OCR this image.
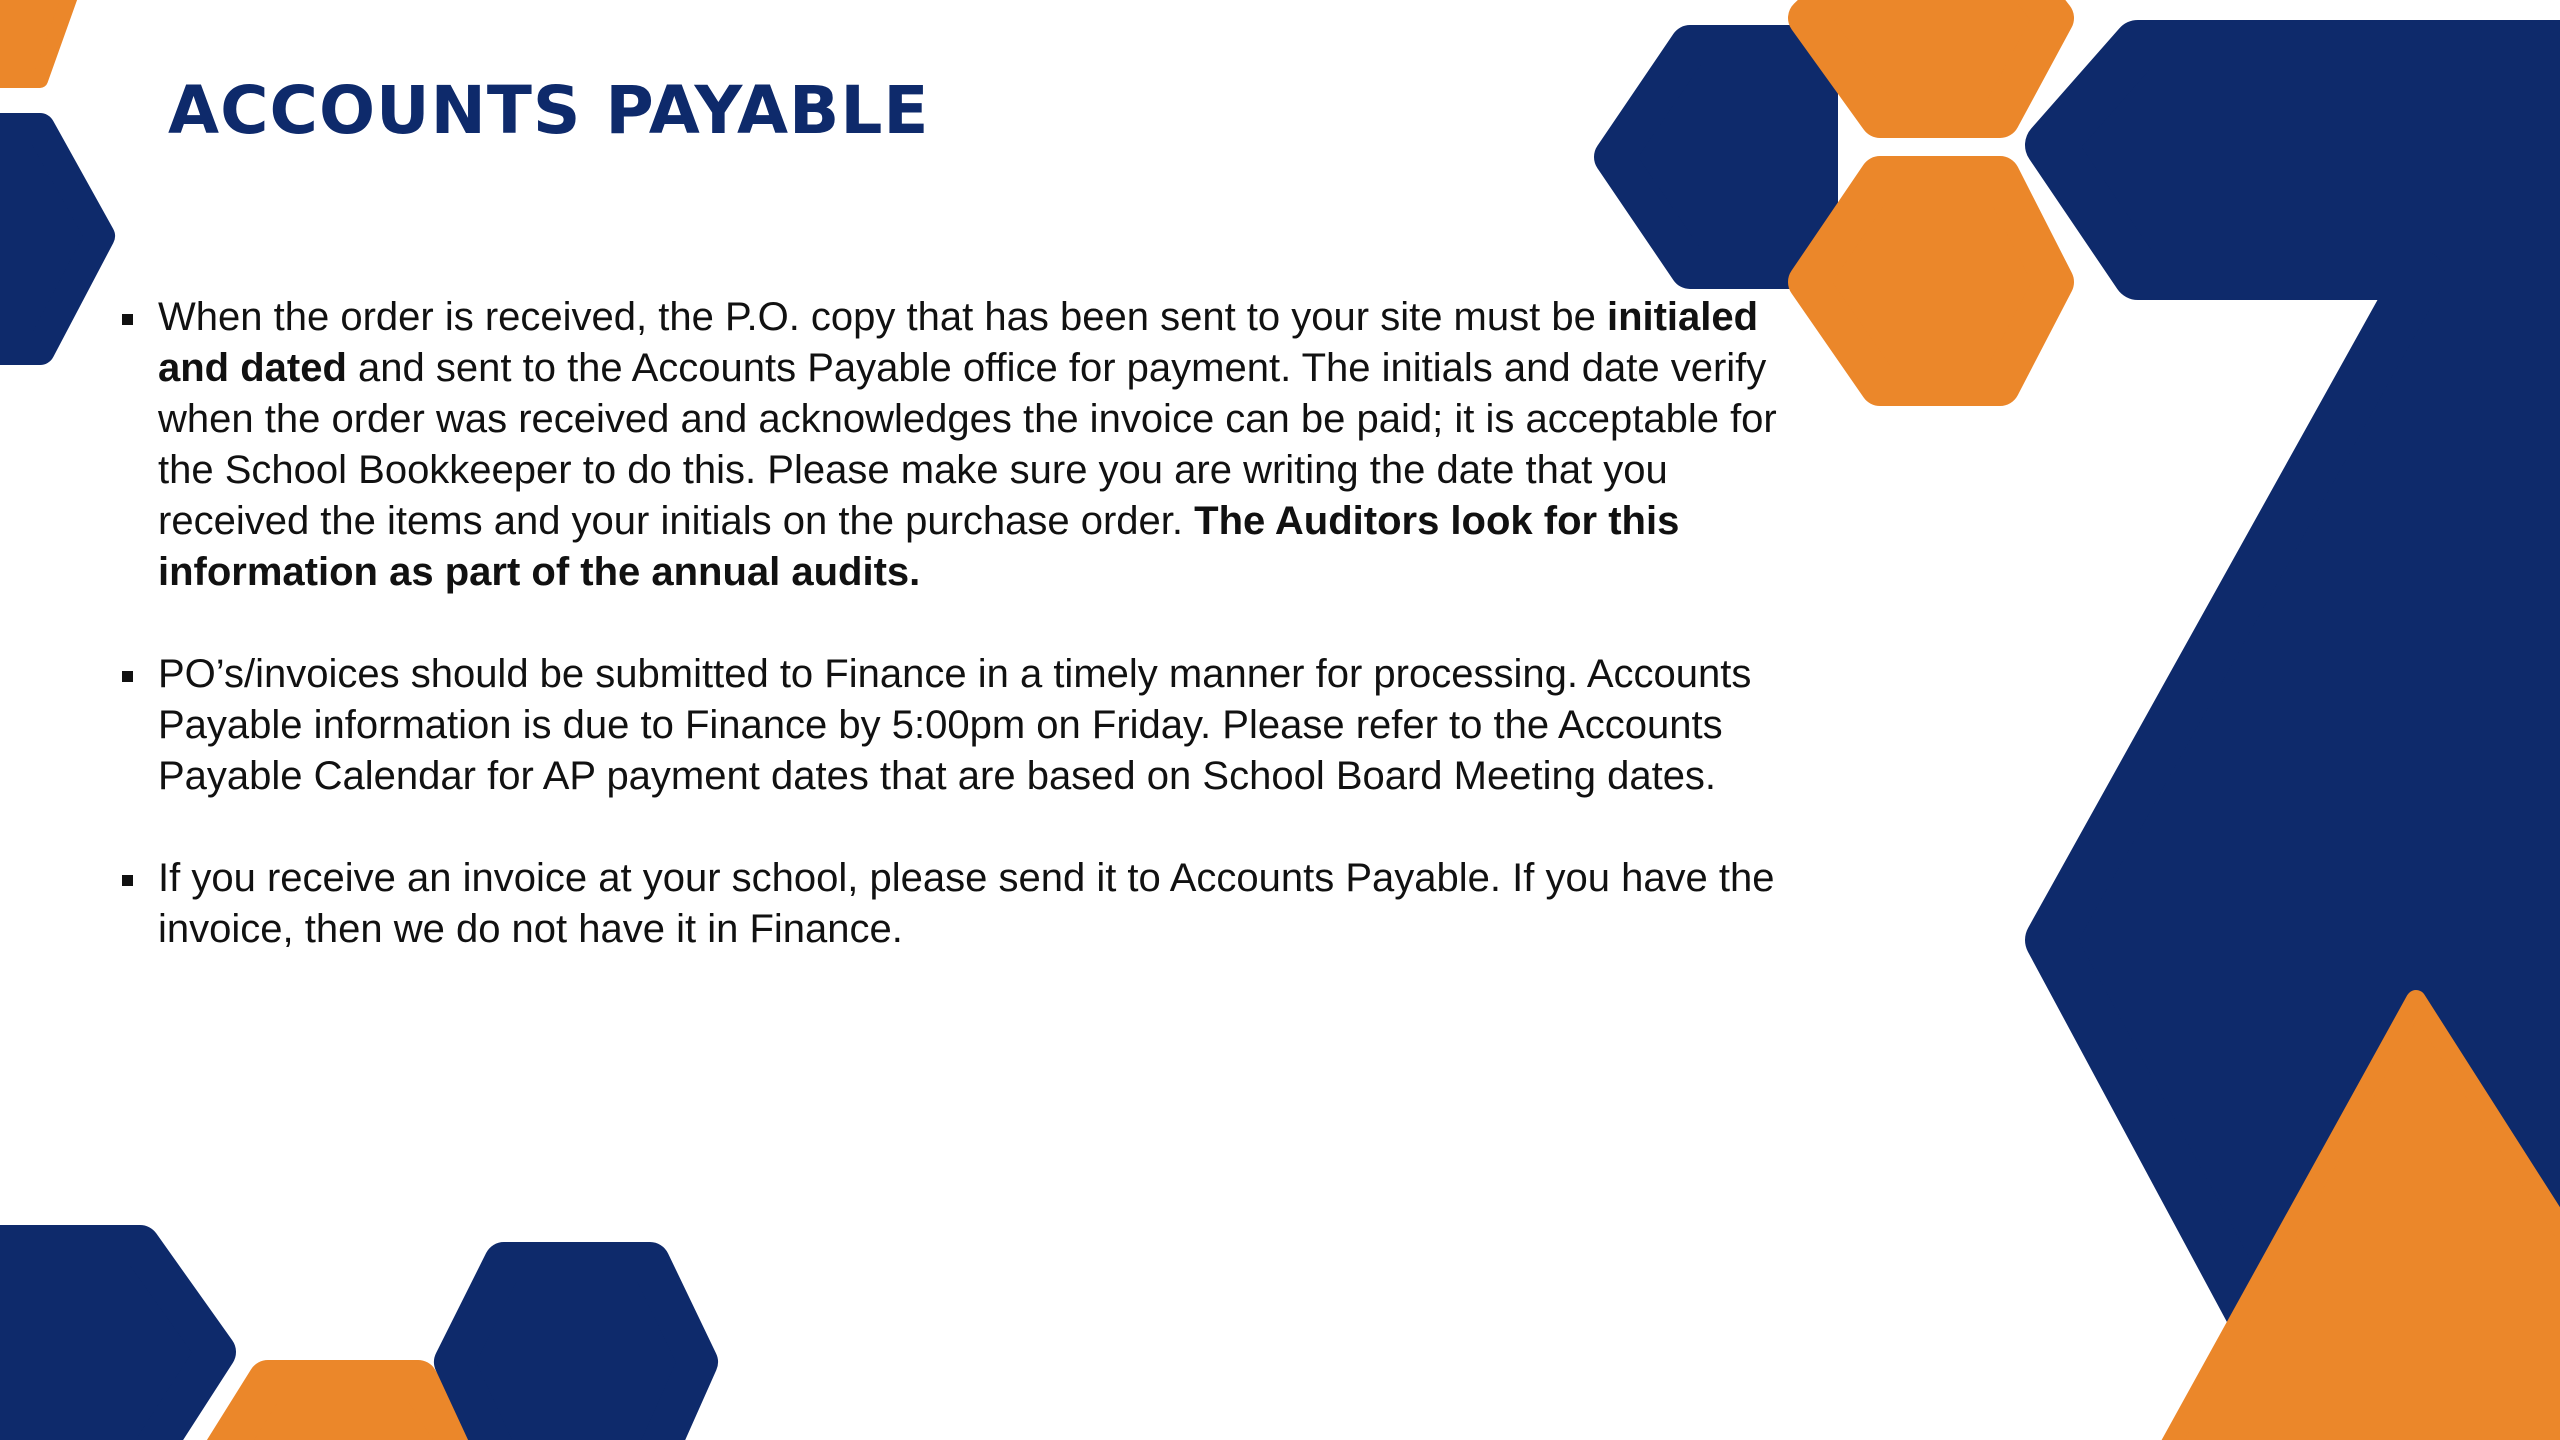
ACCOUNTS PAYABLE
When the order is received, the P.O. copy that has been sent to your site must be initialed and dated and sent to the Accounts Payable office for payment. The initials and date verify when the order was received and acknowledges the invoice can be paid; it is acceptable for the School Bookkeeper to do this. Please make sure you are writing the date that you received the items and your initials on the purchase order. The Auditors look for this information as part of the annual audits.
PO’s/invoices should be submitted to Finance in a timely manner for processing. Accounts Payable information is due to Finance by 5:00pm on Friday. Please refer to the Accounts Payable Calendar for AP payment dates that are based on School Board Meeting dates.
If you receive an invoice at your school, please send it to Accounts Payable. If you have the invoice, then we do not have it in Finance.
